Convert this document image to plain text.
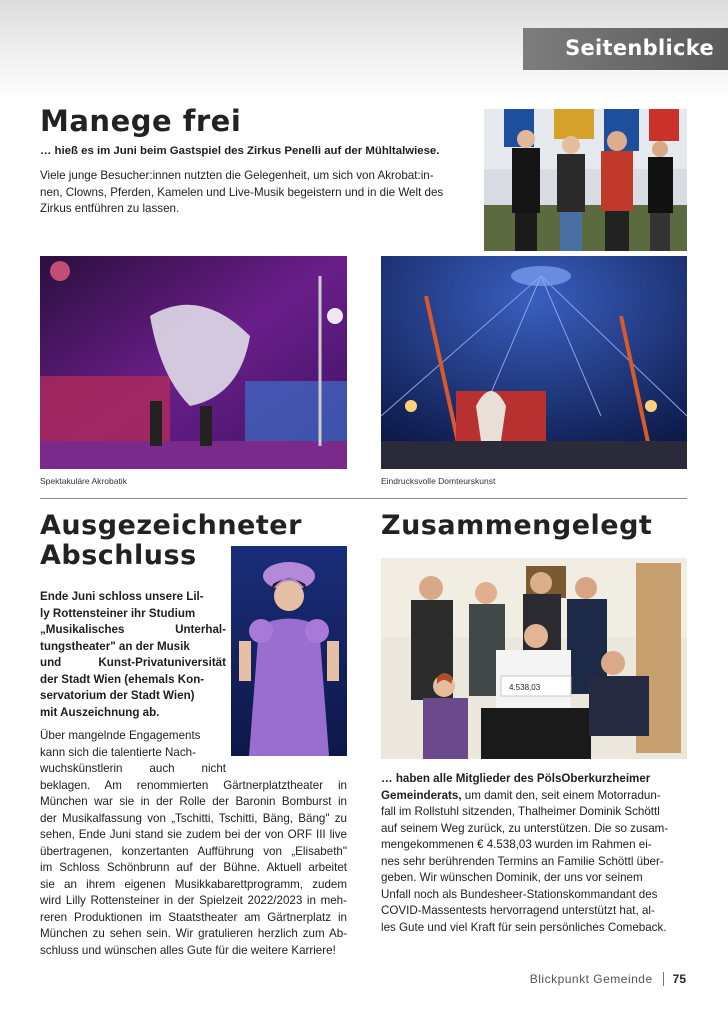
Seitenblicke
Manege frei
… hieß es im Juni beim Gastspiel des Zirkus Penelli auf der Mühltalwiese.
Viele junge Besucher:innen nutzten die Gelegenheit, um sich von Akrobat:in-
nen, Clowns, Pferden, Kamelen und Live-Musik begeistern und in die Welt des
Zirkus entführen zu lassen.
Spektakuläre Akrobatik	Eindrucksvolle Domteurskunst
Ausgezeichneter
Abschluss
Ende Juni schloss unsere Lil-
ly Rottensteiner ihr Studium
„Musikalisches Unterhal-
tungstheater" an der Musik
und Kunst-Privatuniversität
der Stadt Wien (ehemals Kon-
servatorium der Stadt Wien)
mit Auszeichnung ab.
Über mangelnde Engagements
kann sich die talentierte Nach-
wuchskünstlerin auch nicht
beklagen. Am renommierten Gärtnerplatztheater in
München war sie in der Rolle der Baronin Bomburst in
der Musikalfassung von „Tschitti, Tschitti, Bäng, Bäng" zu
sehen, Ende Juni stand sie zudem bei der von ORF III live
übertragenen, konzertanten Aufführung von „Elisabeth"
im Schloss Schönbrunn auf der Bühne. Aktuell arbeitet
sie an ihrem eigenen Musikkabarettprogramm, zudem
wird Lilly Rottensteiner in der Spielzeit 2022/2023 in meh-
reren Produktionen im Staatstheater am Gärtnerplatz in
München zu sehen sein. Wir gratulieren herzlich zum Ab-
schluss und wünschen alles Gute für die weitere Karriere!
Zusammengelegt
4.538,03
… haben alle Mitglieder des PölsOberkurzheimer
Gemeinderats, um damit den, seit einem Motorradun-
fall im Rollstuhl sitzenden, Thalheimer Dominik Schöttl
auf seinem Weg zurück, zu unterstützen. Die so zusam-
mengekommenen € 4.538,03 wurden im Rahmen ei-
nes sehr berührenden Termins an Familie Schöttl über-
geben. Wir wünschen Dominik, der uns vor seinem
Unfall noch als Bundesheer-Stationskommandant des
COVID-Massentests hervorragend unterstützt hat, al-
les Gute und viel Kraft für sein persönliches Comeback.
Blickpunkt Gemeinde 75
